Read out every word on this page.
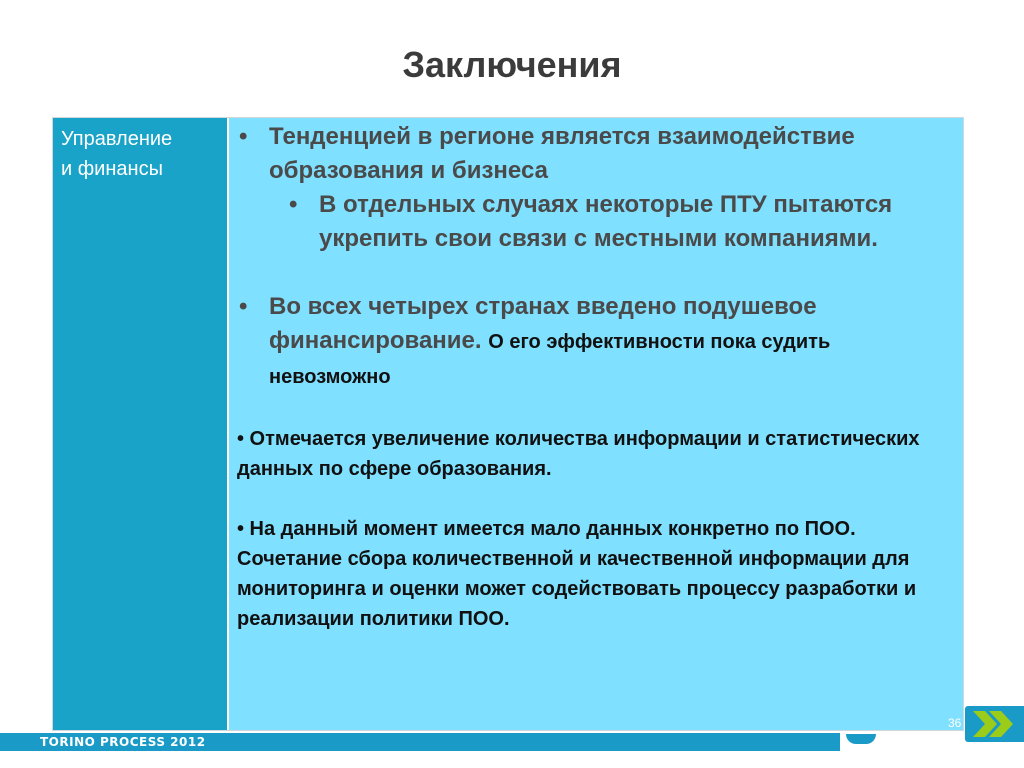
Заключения
Управление
и финансы
• Тенденцией в регионе является взаимодействие образования и бизнеса
• В отдельных случаях некоторые ПТУ пытаются укрепить свои связи с местными компаниями.
• Во всех четырех странах введено подушевое финансирование. О его эффективности пока судить невозможно
• Отмечается увеличение количества информации и статистических данных по сфере образования.
• На данный момент имеется мало данных конкретно по ПОО.
Сочетание сбора количественной и качественной информации для мониторинга и оценки может содействовать процессу разработки и реализации политики ПОО.
TORINO PROCESS 2012
36
